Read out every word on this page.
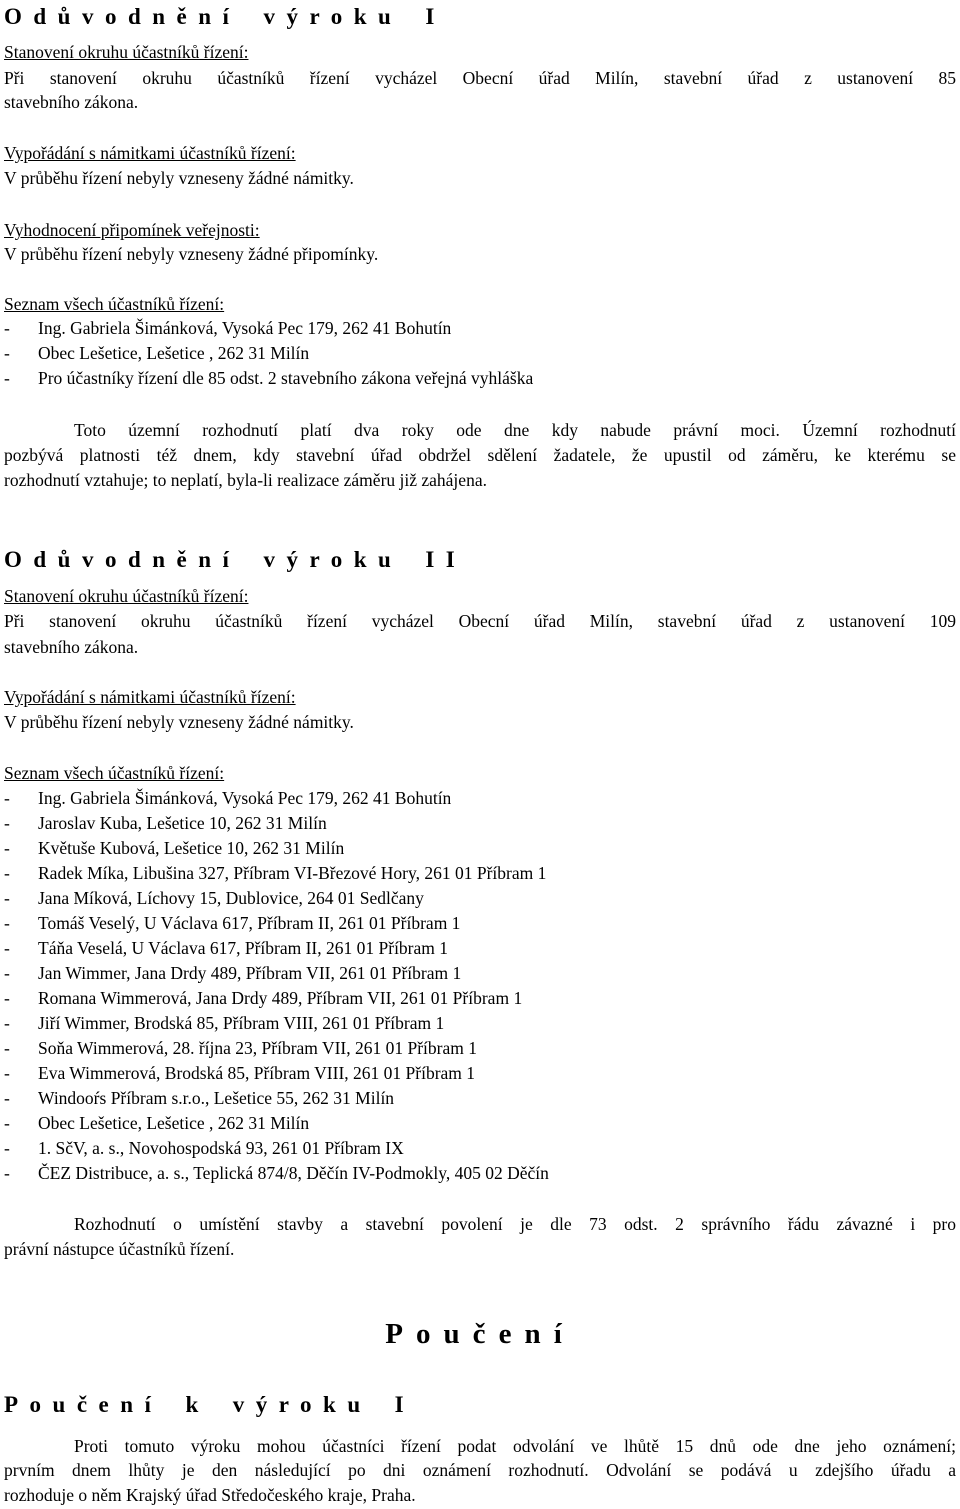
Odůvodnění výroku I
Stanovení okruhu účastníků řízení:
Při stanovení okruhu účastníků řízení vycházel Obecní úřad Milín, stavební úřad z ustanovení 85
stavebního zákona.
Vypořádání s námitkami účastníků řízení:
V průběhu řízení nebyly vzneseny žádné námitky.
Vyhodnocení připomínek veřejnosti:
V průběhu řízení nebyly vzneseny žádné připomínky.
Seznam všech účastníků řízení:
-	Ing. Gabriela Šimánková, Vysoká Pec 179, 262 41 Bohutín
-	Obec Lešetice, Lešetice , 262 31 Milín
-	Pro účastníky řízení dle 85 odst. 2 stavebního zákona veřejná vyhláška
Toto územní rozhodnutí platí dva roky ode dne kdy nabude právní moci. Územní rozhodnutí
pozbývá platnosti též dnem, kdy stavební úřad obdržel sdělení žadatele, že upustil od záměru, ke kterému se
rozhodnutí vztahuje; to neplatí, byla-li realizace záměru již zahájena.
Odůvodnění výroku II
Stanovení okruhu účastníků řízení:
Při stanovení okruhu účastníků řízení vycházel Obecní úřad Milín, stavební úřad z ustanovení 109
stavebního zákona.
Vypořádání s námitkami účastníků řízení:
V průběhu řízení nebyly vzneseny žádné námitky.
Seznam všech účastníků řízení:
-	Ing. Gabriela Šimánková, Vysoká Pec 179, 262 41 Bohutín
-	Jaroslav Kuba, Lešetice 10, 262 31 Milín
-	Květuše Kubová, Lešetice 10, 262 31 Milín
-	Radek Míka, Libušina 327, Příbram VI-Březové Hory, 261 01 Příbram 1
-	Jana Míková, Líchovy 15, Dublovice, 264 01 Sedlčany
-	Tomáš Veselý, U Václava 617, Příbram II, 261 01 Příbram 1
-	Táňa Veselá, U Václava 617, Příbram II, 261 01 Příbram 1
-	Jan Wimmer, Jana Drdy 489, Příbram VII, 261 01 Příbram 1
-	Romana Wimmerová, Jana Drdy 489, Příbram VII, 261 01 Příbram 1
-	Jiří Wimmer, Brodská 85, Příbram VIII, 261 01 Příbram 1
-	Soňa Wimmerová, 28. října 23, Příbram VII, 261 01 Příbram 1
-	Eva Wimmerová, Brodská 85, Příbram VIII, 261 01 Příbram 1
-	Windooŕs Příbram s.r.o., Lešetice 55, 262 31 Milín
-	Obec Lešetice, Lešetice , 262 31 Milín
-	1. SčV, a. s., Novohospodská 93, 261 01 Příbram IX
-	ČEZ Distribuce, a. s., Teplická 874/8, Děčín IV-Podmokly, 405 02 Děčín
Rozhodnutí o umístění stavby a stavební povolení je dle 73 odst. 2 správního řádu závazné i pro
právní nástupce účastníků řízení.
Poučení
Poučení k výroku I
Proti tomuto výroku mohou účastníci řízení podat odvolání ve lhůtě 15 dnů ode dne jeho oznámení;
prvním dnem lhůty je den následující po dni oznámení rozhodnutí. Odvolání se podává u zdejšího úřadu a
rozhoduje o něm Krajský úřad Středočeského kraje, Praha.
